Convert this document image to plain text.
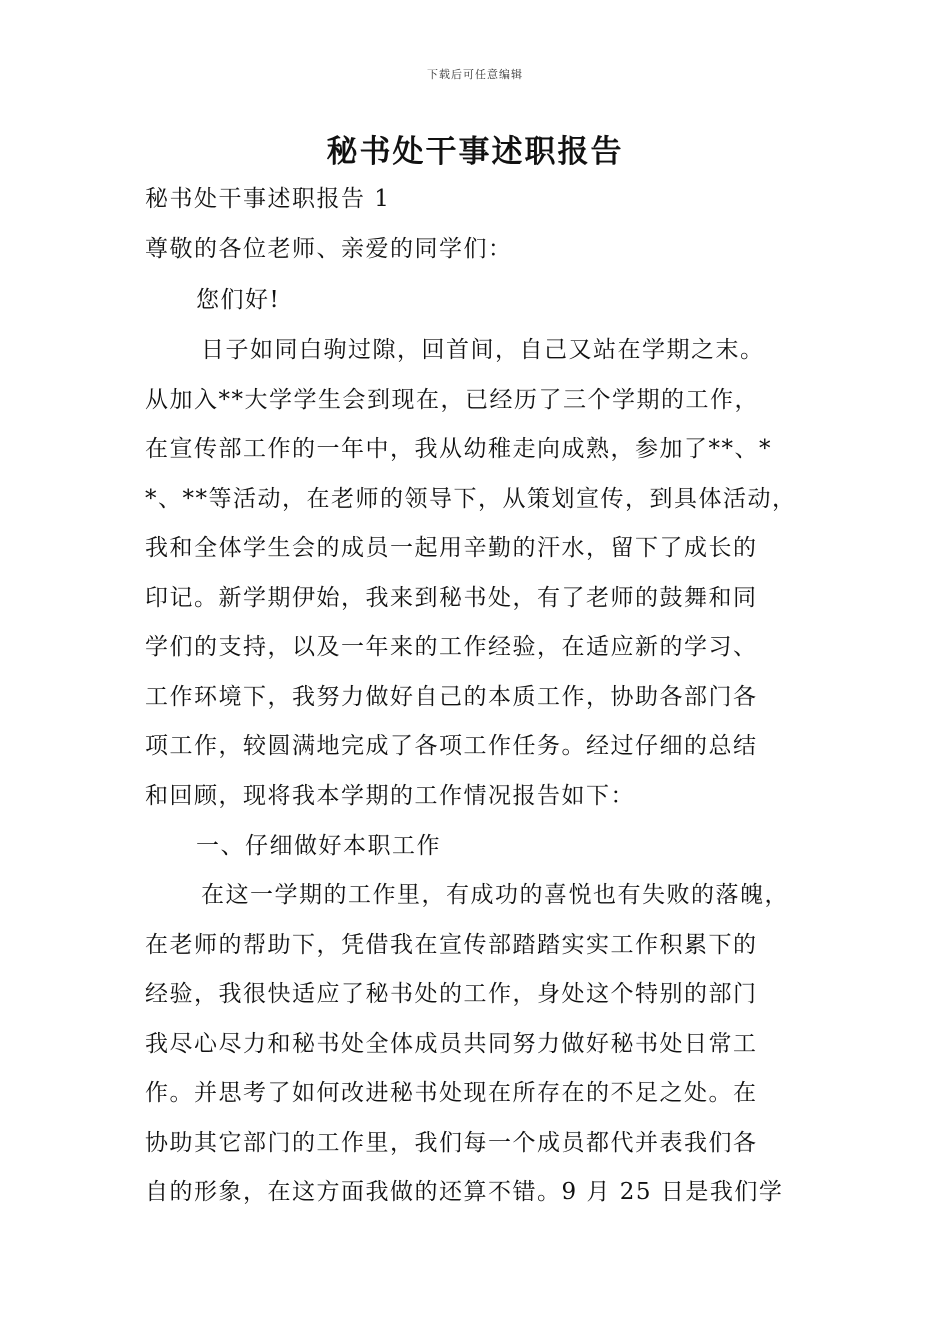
下载后可任意编辑
秘书处干事述职报告
秘书处干事述职报告 1
尊敬的各位老师、亲爱的同学们：
您们好!
日子如同白驹过隙，回首间，自己又站在学期之末。
从加入**大学学生会到现在，已经历了三个学期的工作，
在宣传部工作的一年中，我从幼稚走向成熟，参加了**、*
*、**等活动，在老师的领导下，从策划宣传，到具体活动，
我和全体学生会的成员一起用辛勤的汗水，留下了成长的
印记。新学期伊始，我来到秘书处，有了老师的鼓舞和同
学们的支持，以及一年来的工作经验，在适应新的学习、
工作环境下，我努力做好自己的本质工作，协助各部门各
项工作，较圆满地完成了各项工作任务。经过仔细的总结
和回顾，现将我本学期的工作情况报告如下：
一、仔细做好本职工作
在这一学期的工作里，有成功的喜悦也有失败的落魄，
在老师的帮助下，凭借我在宣传部踏踏实实工作积累下的
经验，我很快适应了秘书处的工作，身处这个特别的部门
我尽心尽力和秘书处全体成员共同努力做好秘书处日常工
作。并思考了如何改进秘书处现在所存在的不足之处。在
协助其它部门的工作里，我们每一个成员都代并表我们各
自的形象，在这方面我做的还算不错。9 月 25 日是我们学
